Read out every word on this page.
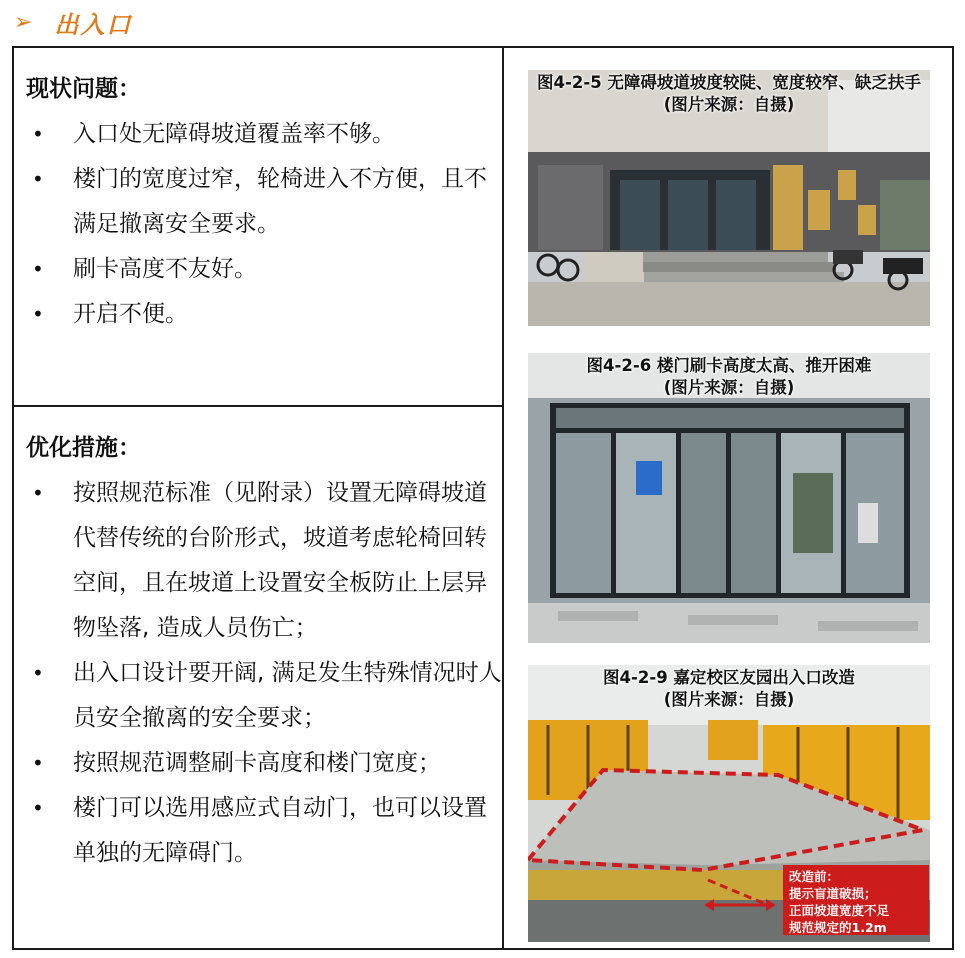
➢ 出入口
现状问题：
• 入口处无障碍坡道覆盖率不够。
• 楼门的宽度过窄，轮椅进入不方便，且不满足撤离安全要求。
• 刷卡高度不友好。
• 开启不便。
优化措施：
• 按照规范标准（见附录）设置无障碍坡道代替传统的台阶形式，坡道考虑轮椅回转空间，且在坡道上设置安全板防止上层异物坠落, 造成人员伤亡；
• 出入口设计要开阔, 满足发生特殊情况时人员安全撤离的安全要求；
• 按照规范调整刷卡高度和楼门宽度；
• 楼门可以选用感应式自动门，也可以设置单独的无障碍门。
图4-2-5 无障碍坡道坡度较陡、宽度较窄、缺乏扶手
(图片来源：自摄)
图4-2-6 楼门刷卡高度太高、推开困难
(图片来源：自摄)
图4-2-9 嘉定校区友园出入口改造
(图片来源：自摄)
改造前：
提示盲道破损；
正面坡道宽度不足
规范规定的1.2m
